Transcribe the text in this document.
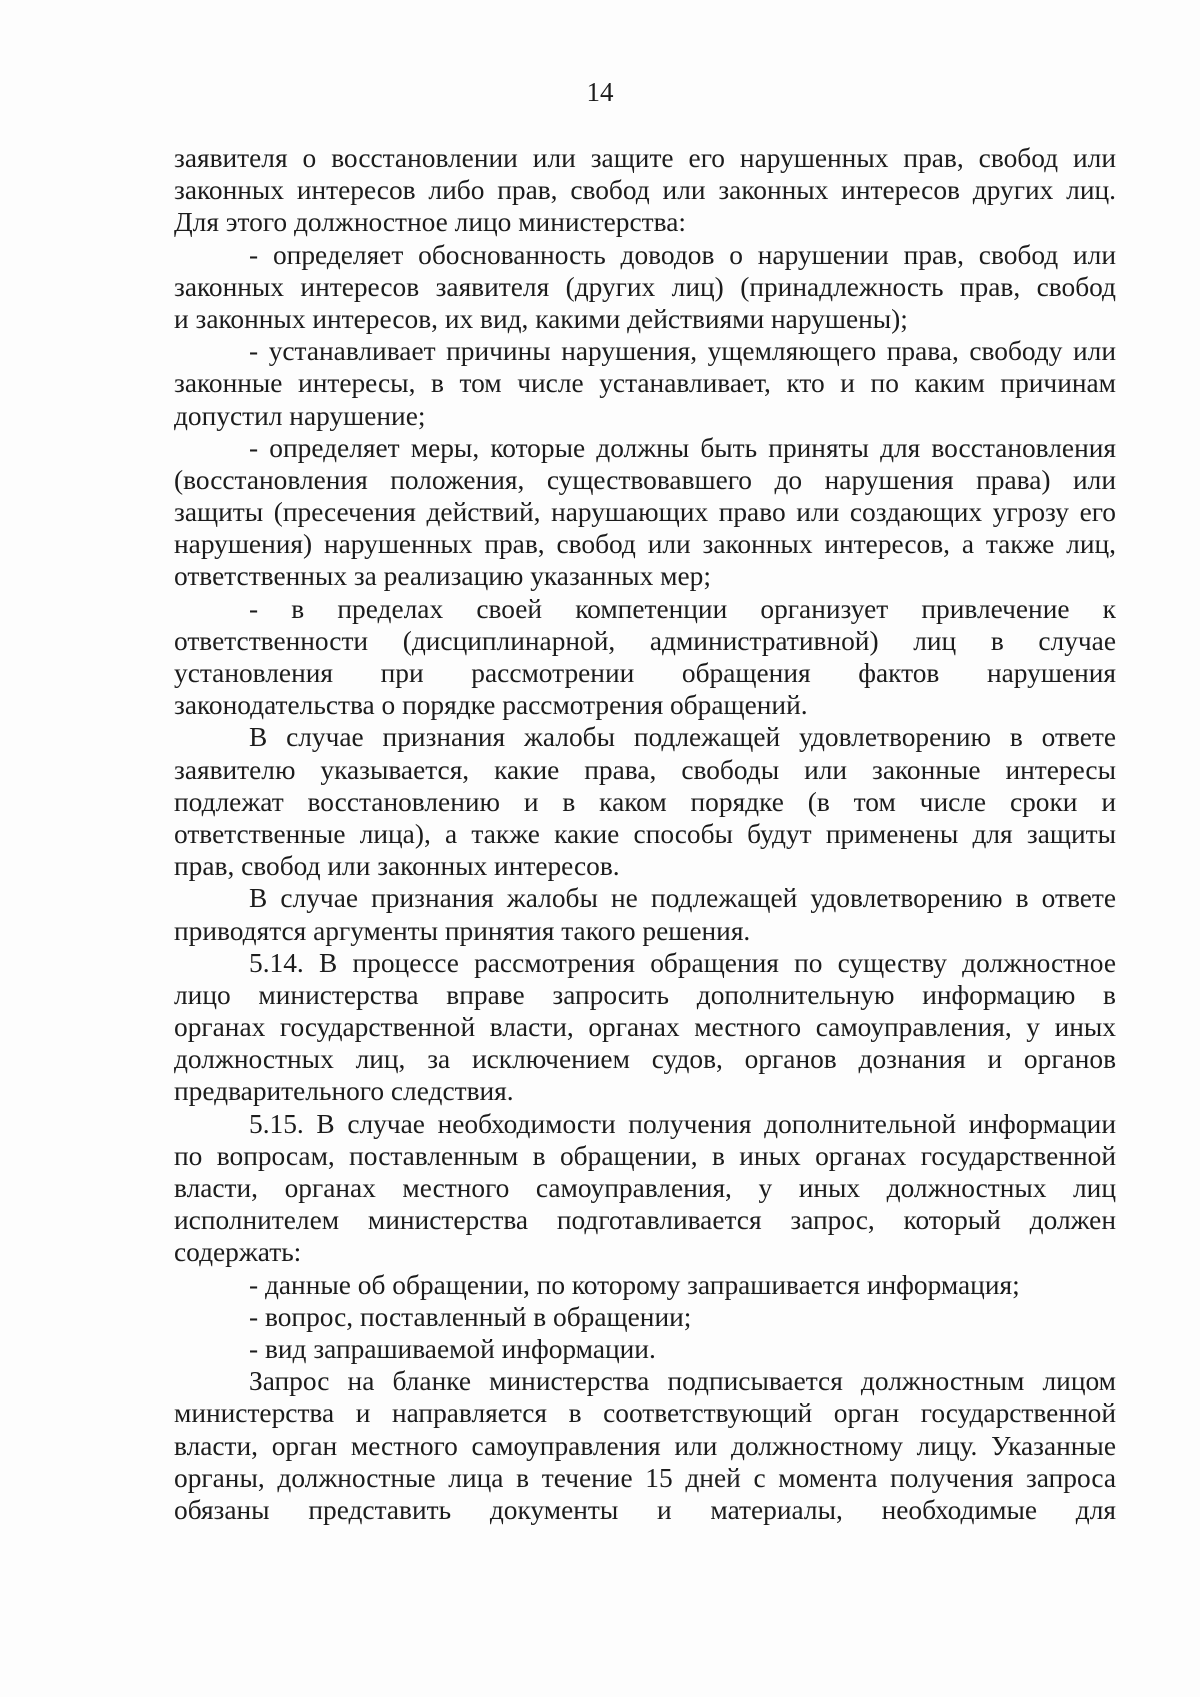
14
заявителя о восстановлении или защите его нарушенных прав, свобод или
законных интересов либо прав, свобод или законных интересов других лиц.
Для этого должностное лицо министерства:
- определяет обоснованность доводов о нарушении прав, свобод или
законных интересов заявителя (других лиц) (принадлежность прав, свобод
и законных интересов, их вид, какими действиями нарушены);
- устанавливает причины нарушения, ущемляющего права, свободу или
законные интересы, в том числе устанавливает, кто и по каким причинам
допустил нарушение;
- определяет меры, которые должны быть приняты для восстановления
(восстановления положения, существовавшего до нарушения права) или
защиты (пресечения действий, нарушающих право или создающих угрозу его
нарушения) нарушенных прав, свобод или законных интересов, а также лиц,
ответственных за реализацию указанных мер;
- в пределах своей компетенции организует привлечение к
ответственности (дисциплинарной, административной) лиц в случае
установления при рассмотрении обращения фактов нарушения
законодательства о порядке рассмотрения обращений.
В случае признания жалобы подлежащей удовлетворению в ответе
заявителю указывается, какие права, свободы или законные интересы
подлежат восстановлению и в каком порядке (в том числе сроки и
ответственные лица), а также какие способы будут применены для защиты
прав, свобод или законных интересов.
В случае признания жалобы не подлежащей удовлетворению в ответе
приводятся аргументы принятия такого решения.
5.14. В процессе рассмотрения обращения по существу должностное
лицо министерства вправе запросить дополнительную информацию в
органах государственной власти, органах местного самоуправления, у иных
должностных лиц, за исключением судов, органов дознания и органов
предварительного следствия.
5.15. В случае необходимости получения дополнительной информации
по вопросам, поставленным в обращении, в иных органах государственной
власти, органах местного самоуправления, у иных должностных лиц
исполнителем министерства подготавливается запрос, который должен
содержать:
- данные об обращении, по которому запрашивается информация;
- вопрос, поставленный в обращении;
- вид запрашиваемой информации.
Запрос на бланке министерства подписывается должностным лицом
министерства и направляется в соответствующий орган государственной
власти, орган местного самоуправления или должностному лицу. Указанные
органы, должностные лица в течение 15 дней с момента получения запроса
обязаны представить документы и материалы, необходимые для
